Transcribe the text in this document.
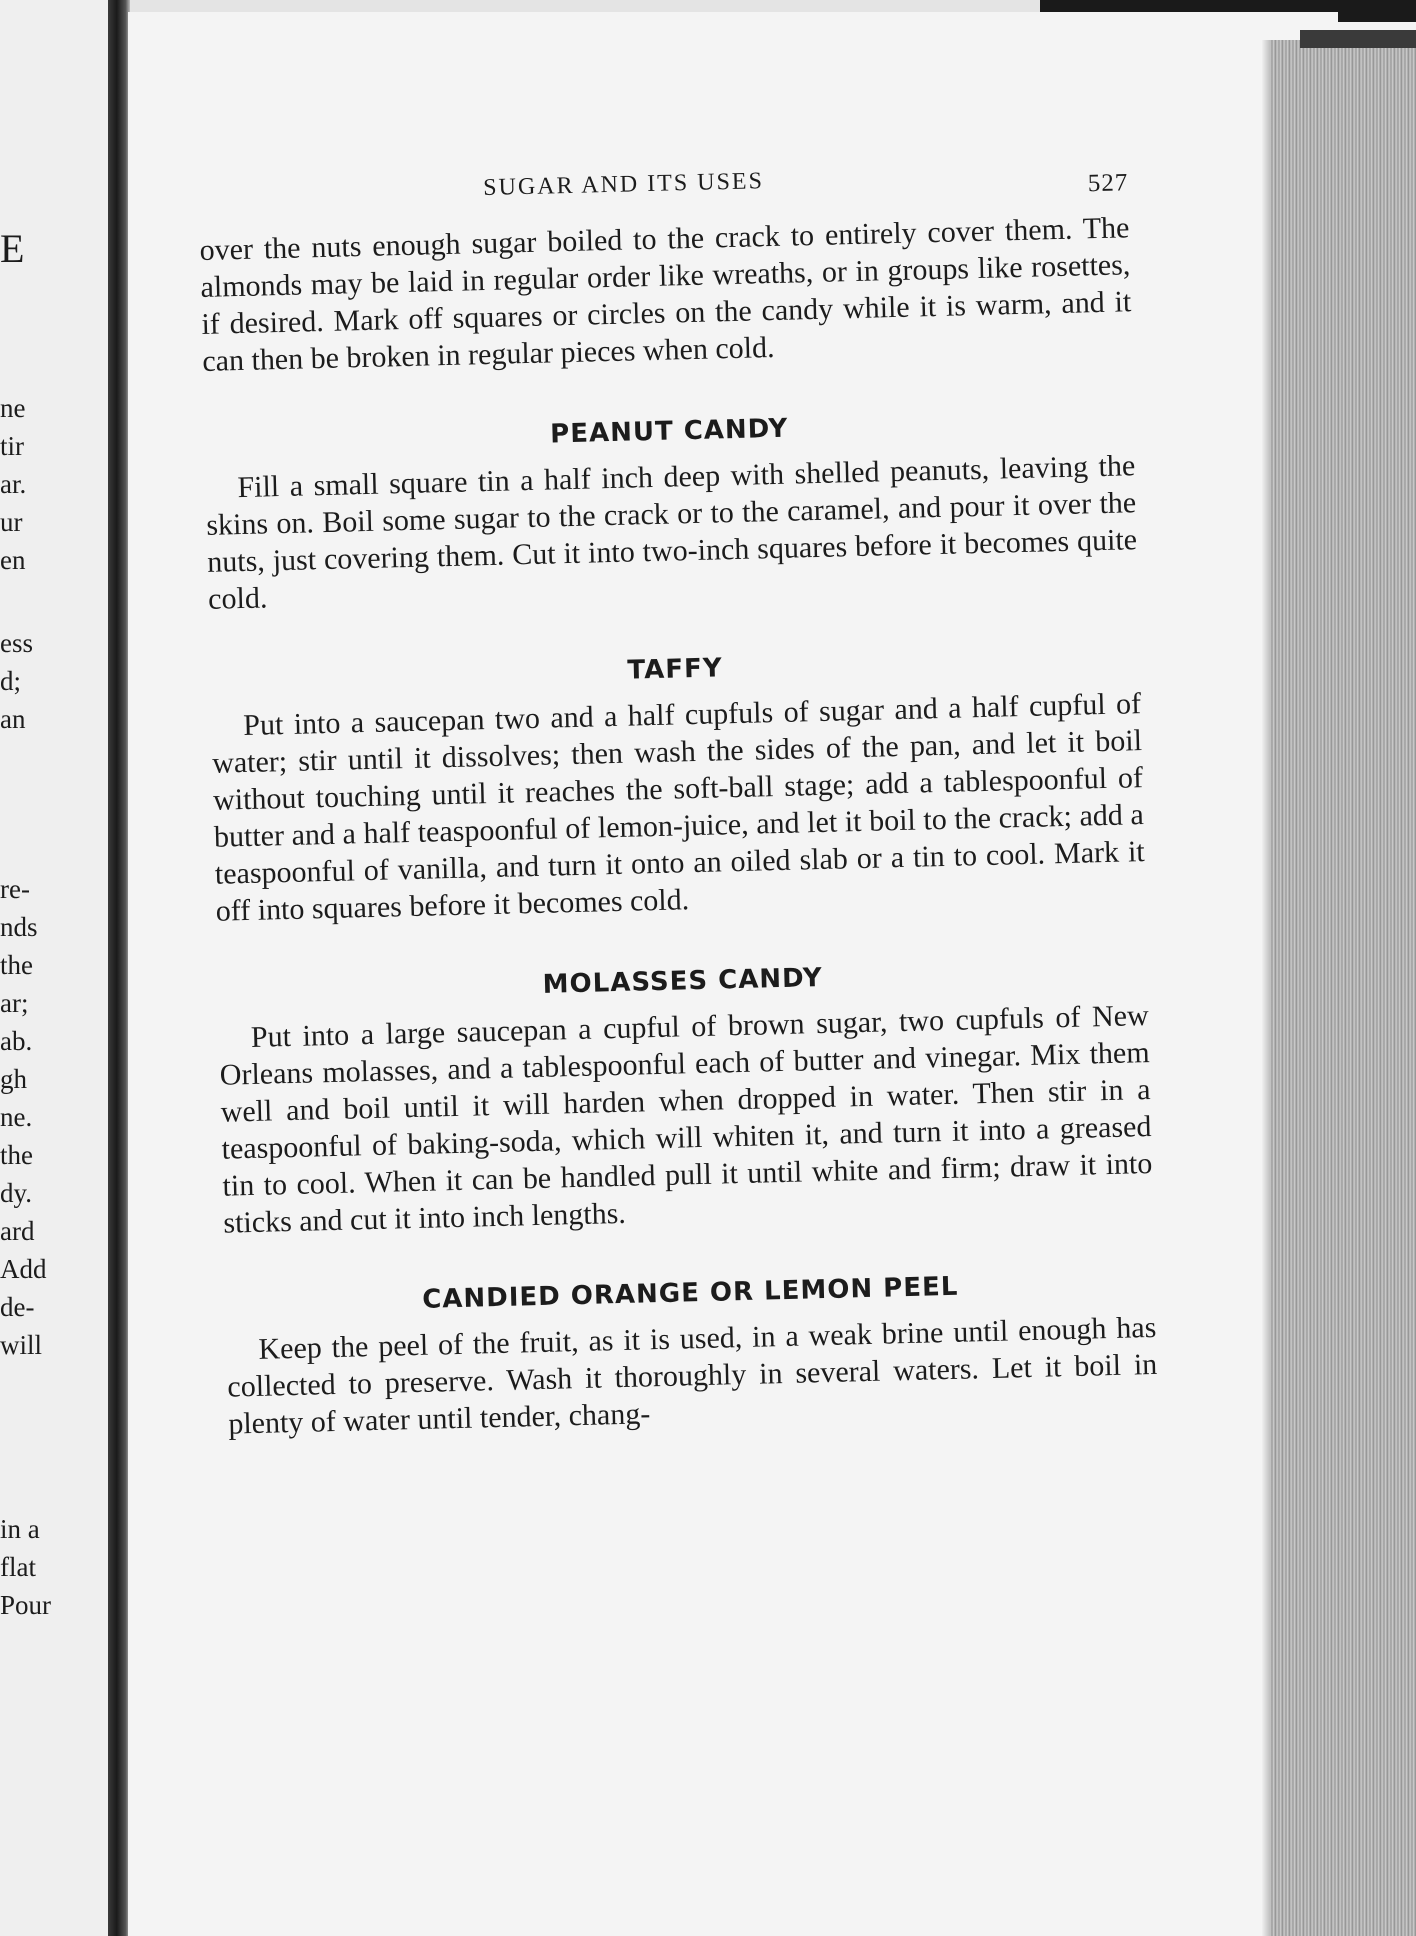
E
ne
tir
ar.
ur
en
ess
d;
an
re-
nds
the
ar;
ab.
gh
ne.
the
dy.
ard
Add
de-
will
in a
flat
Pour
SUGAR AND ITS USES	527

over the nuts enough sugar boiled to the crack to entirely cover them. The almonds may be laid in regular order like wreaths, or in groups like rosettes, if desired. Mark off squares or circles on the candy while it is warm, and it can then be broken in regular pieces when cold.

PEANUT CANDY

Fill a small square tin a half inch deep with shelled peanuts, leaving the skins on. Boil some sugar to the crack or to the caramel, and pour it over the nuts, just covering them. Cut it into two-inch squares before it becomes quite cold.

TAFFY

Put into a saucepan two and a half cupfuls of sugar and a half cupful of water; stir until it dissolves; then wash the sides of the pan, and let it boil without touching until it reaches the soft-ball stage; add a tablespoonful of butter and a half teaspoonful of lemon-juice, and let it boil to the crack; add a teaspoonful of vanilla, and turn it onto an oiled slab or a tin to cool. Mark it off into squares before it becomes cold.

MOLASSES CANDY

Put into a large saucepan a cupful of brown sugar, two cupfuls of New Orleans molasses, and a tablespoonful each of butter and vinegar. Mix them well and boil until it will harden when dropped in water. Then stir in a teaspoonful of baking-soda, which will whiten it, and turn it into a greased tin to cool. When it can be handled pull it until white and firm; draw it into sticks and cut it into inch lengths.

CANDIED ORANGE OR LEMON PEEL

Keep the peel of the fruit, as it is used, in a weak brine until enough has collected to preserve. Wash it thoroughly in several waters. Let it boil in plenty of water until tender, chang-
